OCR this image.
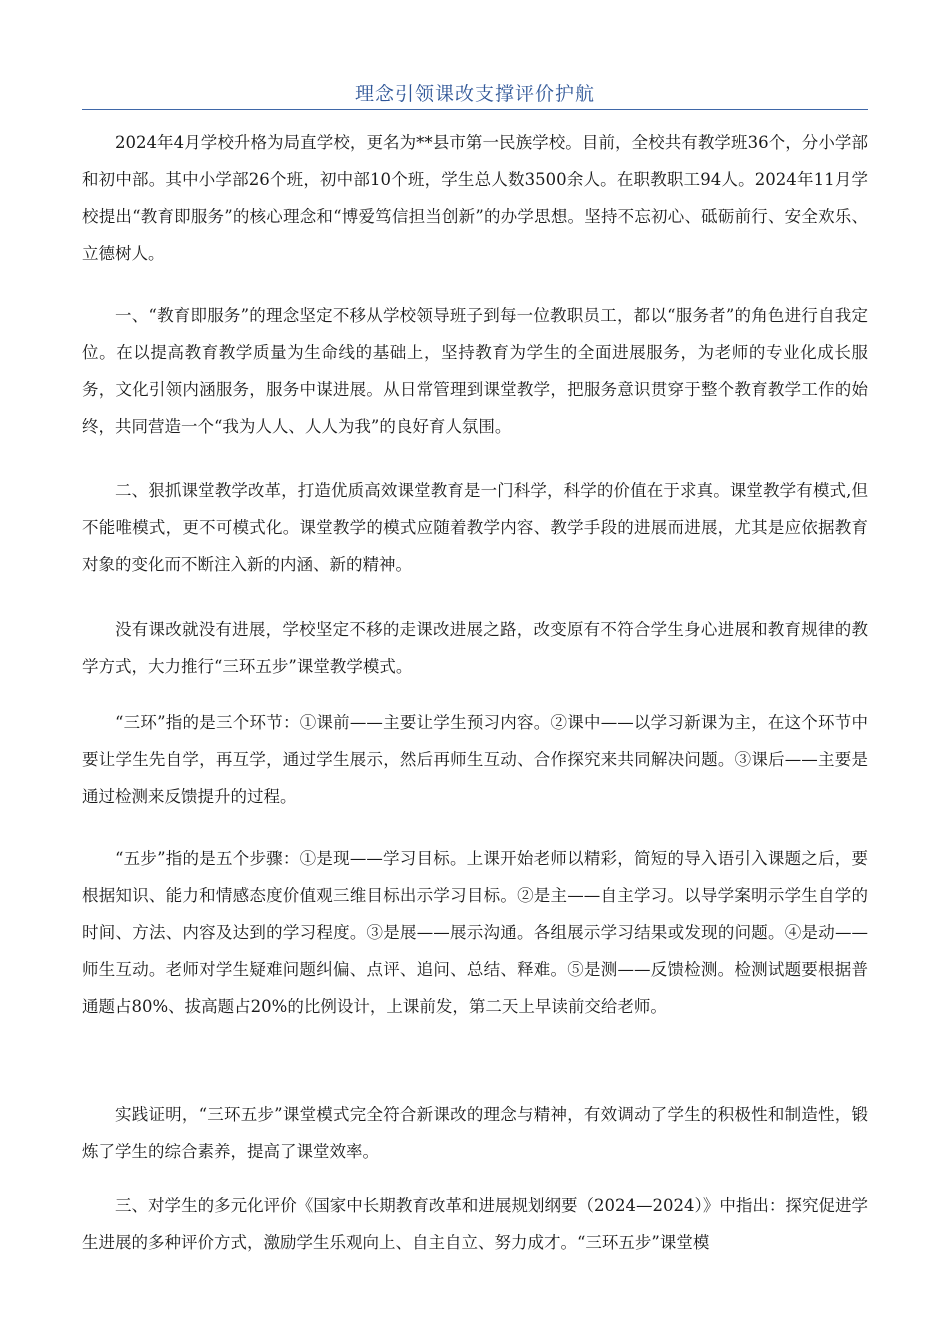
理念引领课改支撑评价护航

2024年4月学校升格为局直学校，更名为**县市第一民族学校。目前，全校共有教学班36个，分小学部和初中部。其中小学部26个班，初中部10个班，学生总人数3500余人。在职教职工94人。2024年11月学校提出“教育即服务”的核心理念和“博爱笃信担当创新”的办学思想。坚持不忘初心、砥砺前行、安全欢乐、立德树人。

一、“教育即服务”的理念坚定不移从学校领导班子到每一位教职员工，都以“服务者”的角色进行自我定位。在以提高教育教学质量为生命线的基础上，坚持教育为学生的全面进展服务，为老师的专业化成长服务，文化引领内涵服务，服务中谋进展。从日常管理到课堂教学，把服务意识贯穿于整个教育教学工作的始终，共同营造一个“我为人人、人人为我”的良好育人氛围。

二、狠抓课堂教学改革，打造优质高效课堂教育是一门科学，科学的价值在于求真。课堂教学有模式,但不能唯模式，更不可模式化。课堂教学的模式应随着教学内容、教学手段的进展而进展，尤其是应依据教育对象的变化而不断注入新的内涵、新的精神。

没有课改就没有进展，学校坚定不移的走课改进展之路，改变原有不符合学生身心进展和教育规律的教学方式，大力推行“三环五步”课堂教学模式。

“三环”指的是三个环节：①课前——主要让学生预习内容。②课中——以学习新课为主，在这个环节中要让学生先自学，再互学，通过学生展示，然后再师生互动、合作探究来共同解决问题。③课后——主要是通过检测来反馈提升的过程。

“五步”指的是五个步骤：①是现——学习目标。上课开始老师以精彩，简短的导入语引入课题之后，要根据知识、能力和情感态度价值观三维目标出示学习目标。②是主——自主学习。以导学案明示学生自学的时间、方法、内容及达到的学习程度。③是展——展示沟通。各组展示学习结果或发现的问题。④是动——师生互动。老师对学生疑难问题纠偏、点评、追问、总结、释难。⑤是测——反馈检测。检测试题要根据普通题占80%、拔高题占20%的比例设计，上课前发，第二天上早读前交给老师。

实践证明，“三环五步”课堂模式完全符合新课改的理念与精神，有效调动了学生的积极性和制造性，锻炼了学生的综合素养，提高了课堂效率。

三、对学生的多元化评价《国家中长期教育改革和进展规划纲要（2024—2024）》中指出：探究促进学生进展的多种评价方式，激励学生乐观向上、自主自立、努力成才。“三环五步”课堂模
